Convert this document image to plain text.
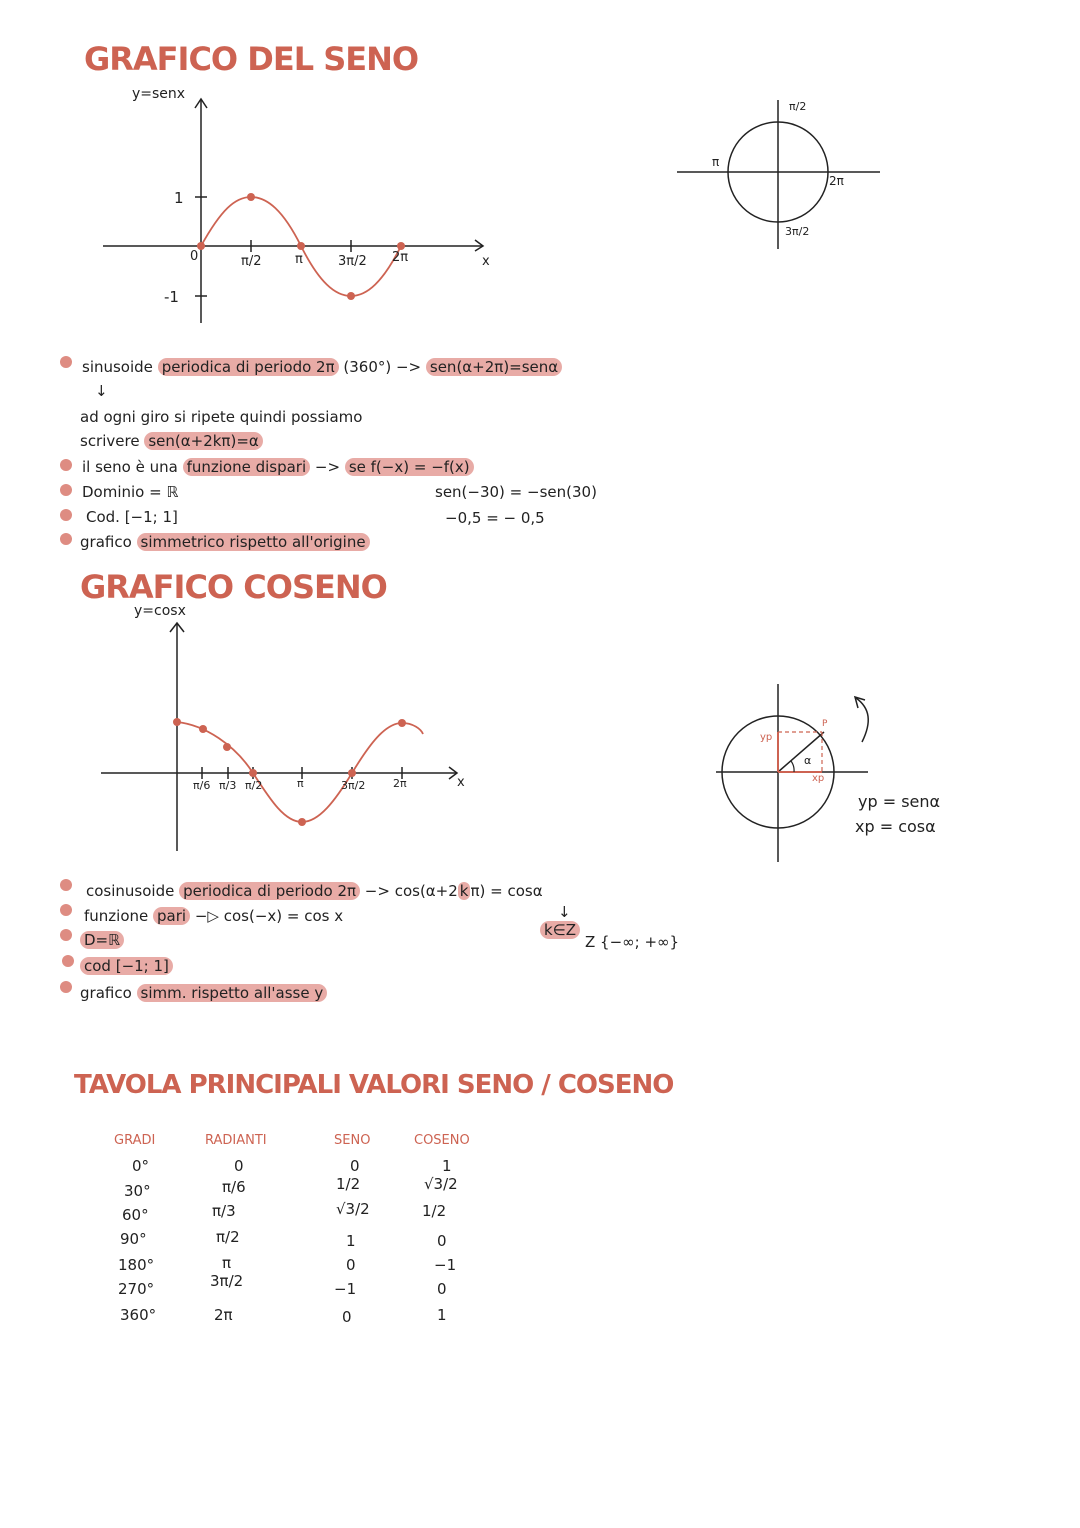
GRAFICO DEL SENO
y=senx
1
-1
0	π/2	π	3π/2 2π	x
π/2
π
2π
3π/2
sinusoide periodica di periodo 2π (360°) −> sen(α+2π)=senα
↓
ad ogni giro si ripete quindi possiamo
scrivere sen(α+2kπ)=α
il seno è una funzione dispari −> se f(−x) = −f(x)
Dominio = ℝ	sen(−30) = −sen(30)
Cod. [−1; 1]	−0,5 = − 0,5
grafico simmetrico rispetto all'origine
GRAFICO COSENO
y=cosx
π/6 π/3 π/2	π	3π/2	2π	x
yp
xp
α
P
yp = senα
xp = cosα
cosinusoide periodica di periodo 2π −> cos(α+2 k π) = cosα
funzione pari −▷ cos(−x) = cos x
D=ℝ
cod [−1; 1]
grafico simm. rispetto all'asse y
↓
k∈Z
Z {−∞; +∞}
TAVOLA PRINCIPALI VALORI SENO / COSENO
GRADI	RADIANTI	SENO	COSENO
0°	0	0	1
30°	π/6	1/2	√3/2
60°	π/3	√3/2	1/2
90°	π/2	1	0
180°	π	0	−1
270°	3π/2	−1	0
360°	2π	0	1
